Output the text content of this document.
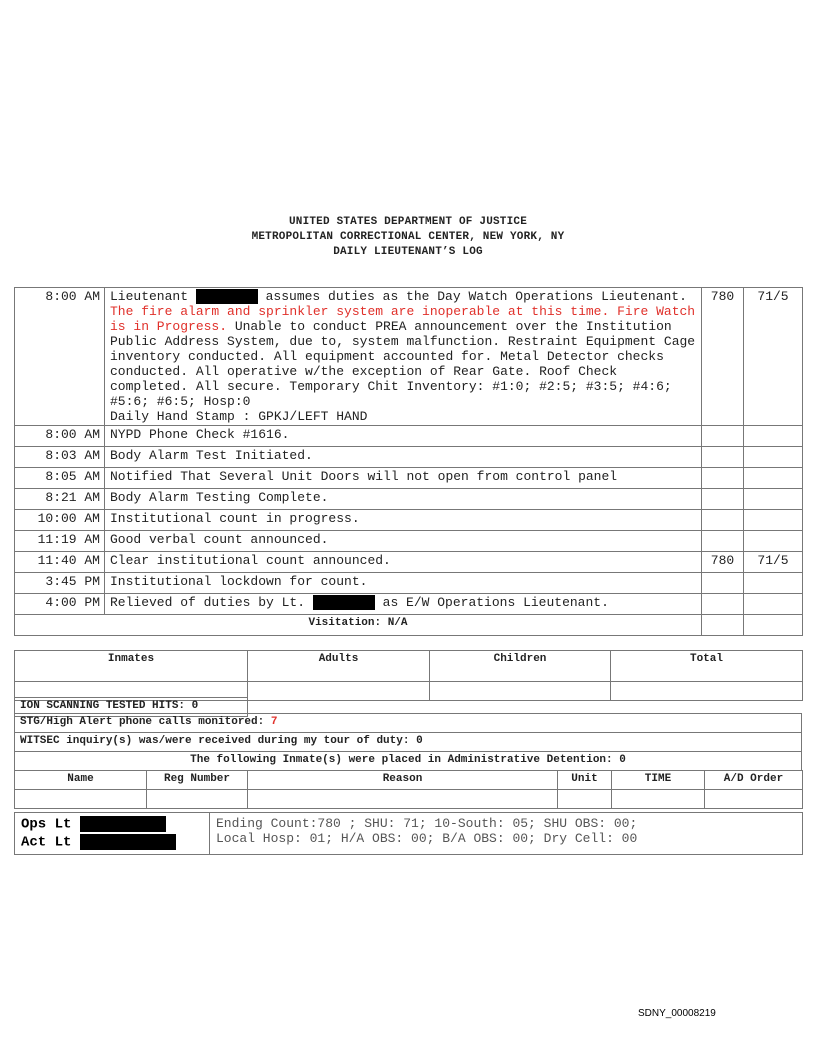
UNITED STATES DEPARTMENT OF JUSTICE
METROPOLITAN CORRECTIONAL CENTER, NEW YORK, NY
DAILY LIEUTENANT’S LOG
8:00 AM	Lieutenant assumes duties as the Day Watch Operations Lieutenant. The fire alarm and sprinkler system are inoperable at this time. Fire Watch is in Progress. Unable to conduct PREA announcement over the Institution Public Address System, due to, system malfunction. Restraint Equipment Cage inventory conducted. All equipment accounted for. Metal Detector checks conducted. All operative w/the exception of Rear Gate. Roof Check completed. All secure. Temporary Chit Inventory: #1:0; #2:5; #3:5; #4:6; #5:6; #6:5; Hosp:0
Daily Hand Stamp : GPKJ/LEFT HAND	780	71/5
8:00 AM	NYPD Phone Check #1616.		
8:03 AM	Body Alarm Test Initiated.		
8:05 AM	Notified That Several Unit Doors will not open from control panel		
8:21 AM	Body Alarm Testing Complete.		
10:00 AM	Institutional count in progress.		
11:19 AM	Good verbal count announced.		
11:40 AM	Clear institutional count announced.	780	71/5
3:45 PM	Institutional lockdown for count.		
4:00 PM	Relieved of duties by Lt. as E/W Operations Lieutenant.		
Visitation: N/A			
Inmates	Adults	Children	Total

ION SCANNING TESTED HITS: 0
STG/High Alert phone calls monitored: 7
WITSEC inquiry(s) was/were received during my tour of duty: 0
The following Inmate(s) were placed in Administrative Detention: 0
Name	Reg Number	Reason	Unit	TIME	A/D Order

Ops Lt
Act Lt

Ending Count:780 ; SHU: 71; 10-South: 05; SHU OBS: 00;
Local Hosp: 01; H/A OBS: 00; B/A OBS: 00; Dry Cell: 00
SDNY_00008219
